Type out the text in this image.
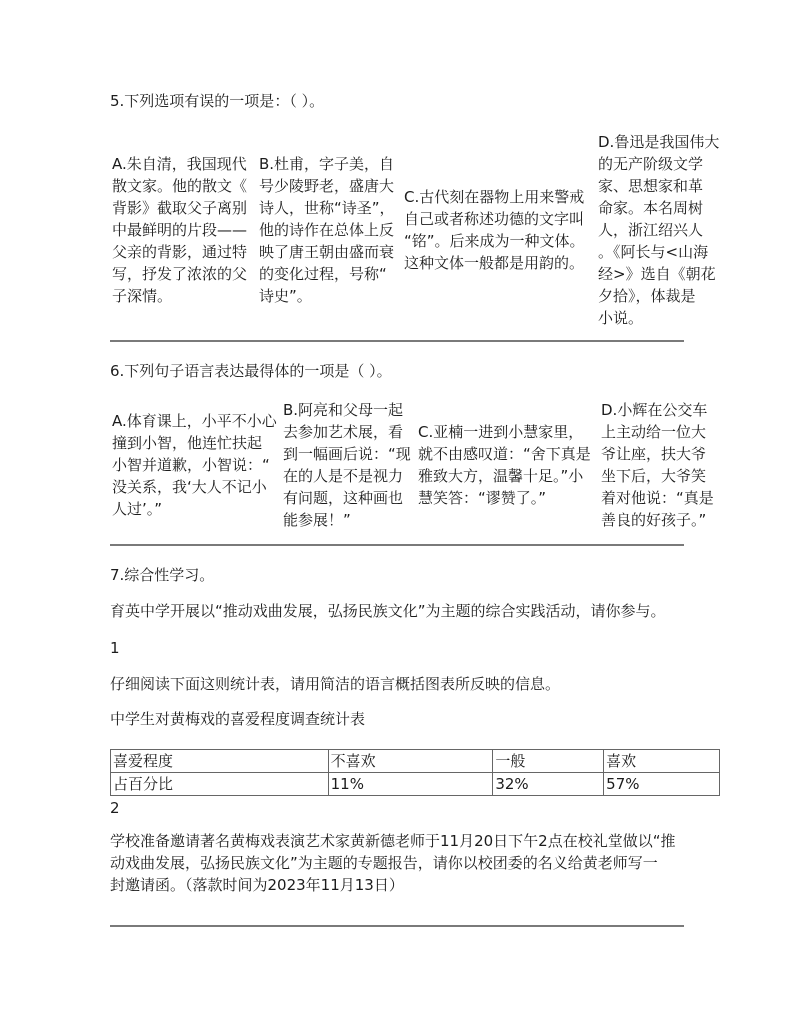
5.下列选项有误的一项是：（ ）。
A.朱自清，我国现代
散文家。他的散文《
背影》截取父子离别
中最鲜明的片段——
父亲的背影，通过特
写，抒发了浓浓的父
子深情。
B.杜甫，字子美，自
号少陵野老，盛唐大
诗人，世称“诗圣”，
他的诗作在总体上反
映了唐王朝由盛而衰
的变化过程，号称“
诗史”。
C.古代刻在器物上用来警戒
自己或者称述功德的文字叫
“铭”。后来成为一种文体。
这种文体一般都是用韵的。
D.鲁迅是我国伟大
的无产阶级文学
家、思想家和革
命家。本名周树
人，浙江绍兴人
。《阿长与<山海
经>》选自《朝花
夕拾》，体裁是
小说。
6.下列句子语言表达最得体的一项是（ ）。
A.体育课上，小平不小心
撞到小智，他连忙扶起
小智并道歉，小智说：“
没关系，我‘大人不记小
人过’。”
B.阿亮和父母一起
去参加艺术展，看
到一幅画后说：“现
在的人是不是视力
有问题，这种画也
能参展！”
C.亚楠一进到小慧家里，
就不由感叹道：“舍下真是
雅致大方，温馨十足。”小
慧笑答：“谬赞了。”
D.小辉在公交车
上主动给一位大
爷让座，扶大爷
坐下后，大爷笑
着对他说：“真是
善良的好孩子。”
7.综合性学习。
育英中学开展以“推动戏曲发展，弘扬民族文化”为主题的综合实践活动，请你参与。
1
仔细阅读下面这则统计表，请用简洁的语言概括图表所反映的信息。
中学生对黄梅戏的喜爱程度调查统计表
喜爱程度	不喜欢	一般	喜欢
占百分比	11%	32%	57%
2
学校准备邀请著名黄梅戏表演艺术家黄新德老师于11月20日下午2点在校礼堂做以“推
动戏曲发展，弘扬民族文化”为主题的专题报告，请你以校团委的名义给黄老师写一
封邀请函。（落款时间为2023年11月13日）
